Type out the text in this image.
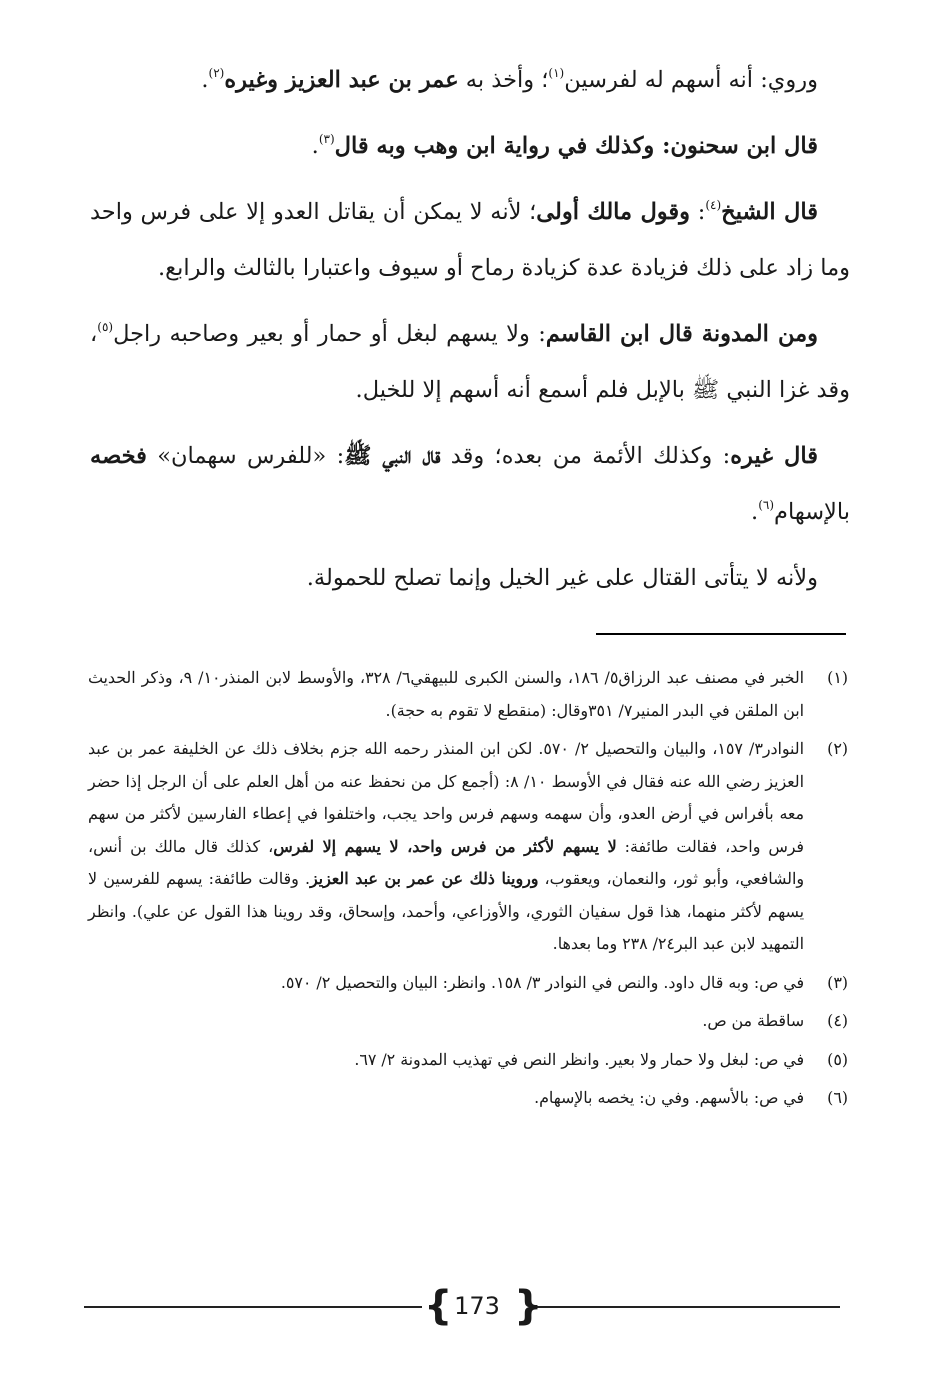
وروي: أنه أسهم له لفرسين$^{(١)}$؛ وأخذ به عمر بن عبد العزيز وغيره$^{(٢)}$.

قال ابن سحنون: وكذلك في رواية ابن وهب وبه قال$^{(٣)}$.

قال الشيخ$^{(٤)}$: وقول مالك أولى؛ لأنه لا يمكن أن يقاتل العدو إلا على فرس واحد وما زاد على ذلك فزيادة عدة كزيادة رماح أو سيوف واعتبارا بالثالث والرابع.

ومن المدونة قال ابن القاسم: ولا يسهم لبغل أو حمار أو بعير وصاحبه راجل$^{(٥)}$، وقد غزا النبي ﷺ بالإبل فلم أسمع أنه أسهم إلا للخيل.

قال غيره: وكذلك الأئمة من بعده؛ وقد قال النبي ﷺ: «للفرس سهمان» فخصه بالإسهام$^{(٦)}$.

ولأنه لا يتأتى القتال على غير الخيل وإنما تصلح للحمولة.

(١)
الخبر في مصنف عبد الرزاق٥/ ١٨٦، والسنن الكبرى للبيهقي٦/ ٣٢٨، والأوسط لابن المنذر١٠/ ٩، وذكر الحديث ابن الملقن في البدر المنير٧/ ٣٥١وقال: (منقطع لا تقوم به حجة).
(٢)
النوادر٣/ ١٥٧، والبيان والتحصيل ٢/ ٥٧٠. لكن ابن المنذر رحمه الله جزم بخلاف ذلك عن الخليفة عمر بن عبد العزيز رضي الله عنه فقال في الأوسط ١٠/ ٨: (أجمع كل من نحفظ عنه من أهل العلم على أن الرجل إذا حضر معه بأفراس في أرض العدو، وأن سهمه وسهم فرس واحد يجب، واختلفوا في إعطاء الفارسين لأكثر من سهم فرس واحد، فقالت طائفة: لا يسهم لأكثر من فرس واحد، لا يسهم إلا لفرس، كذلك قال مالك بن أنس، والشافعي، وأبو ثور، والنعمان، ويعقوب، وروينا ذلك عن عمر بن عبد العزيز. وقالت طائفة: يسهم للفرسين لا يسهم لأكثر منهما، هذا قول سفيان الثوري، والأوزاعي، وأحمد، وإسحاق، وقد روينا هذا القول عن علي). وانظر التمهيد لابن عبد البر٢٤/ ٢٣٨ وما بعدها.
(٣)
في ص: وبه قال داود. والنص في النوادر ٣/ ١٥٨. وانظر: البيان والتحصيل ٢/ ٥٧٠.
(٤)
ساقطة من ص.
(٥)
في ص: لبغل ولا حمار ولا بعير. وانظر النص في تهذيب المدونة ٢/ ٦٧.
(٦)
في ص: بالأسهم. وفي ن: يخصه بالإسهام.
{ }
173
